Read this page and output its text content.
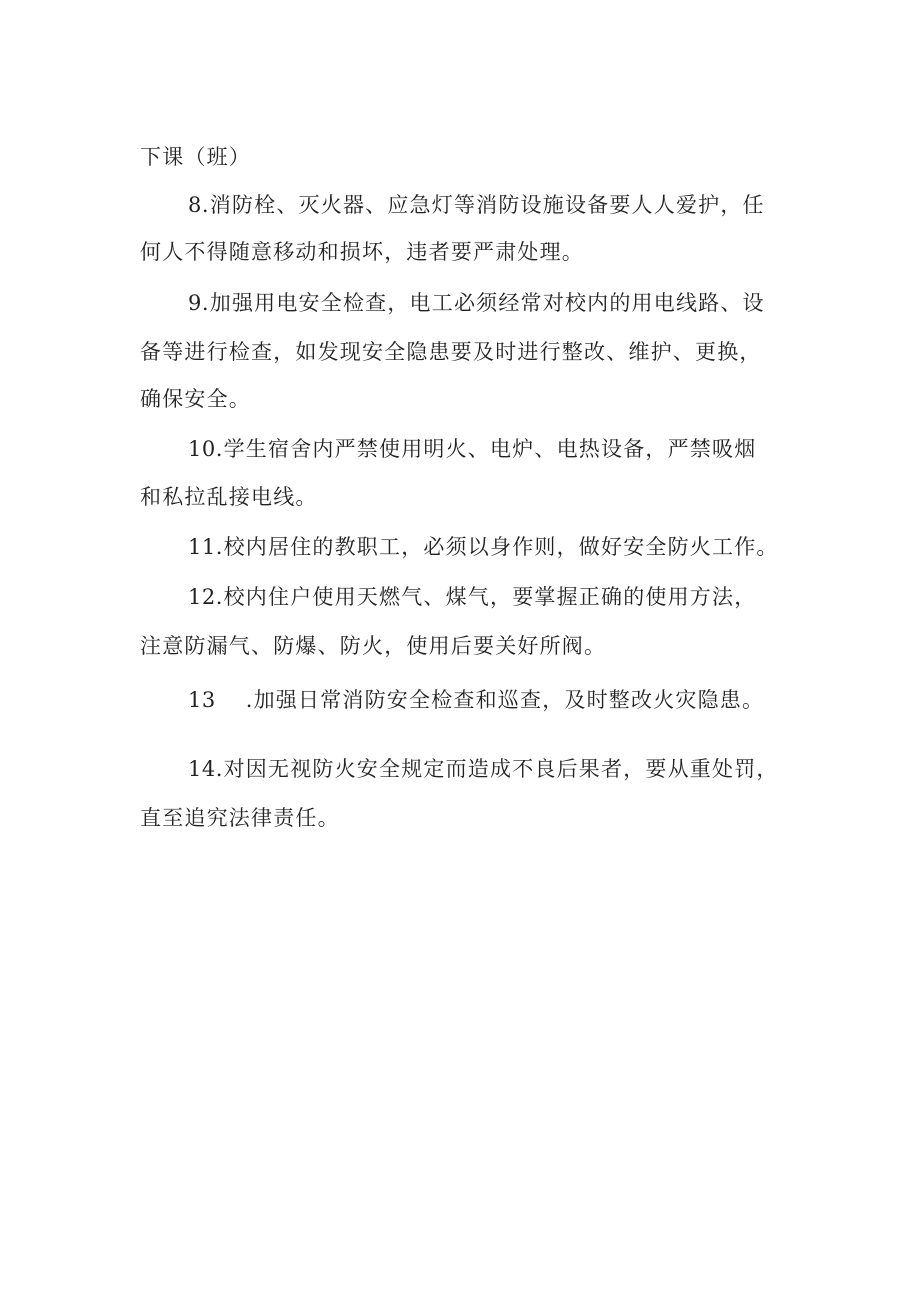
下课（班）
8.消防栓、灭火器、应急灯等消防设施设备要人人爱护，任
何人不得随意移动和损坏，违者要严肃处理。
9.加强用电安全检查，电工必须经常对校内的用电线路、设
备等进行检查，如发现安全隐患要及时进行整改、维护、更换，
确保安全。
10.学生宿舍内严禁使用明火、电炉、电热设备，严禁吸烟
和私拉乱接电线。
11.校内居住的教职工，必须以身作则，做好安全防火工作。
12.校内住户使用天燃气、煤气，要掌握正确的使用方法，
注意防漏气、防爆、防火，使用后要关好所阀。
13 .加强日常消防安全检查和巡查，及时整改火灾隐患。
14.对因无视防火安全规定而造成不良后果者，要从重处罚，
直至追究法律责任。
